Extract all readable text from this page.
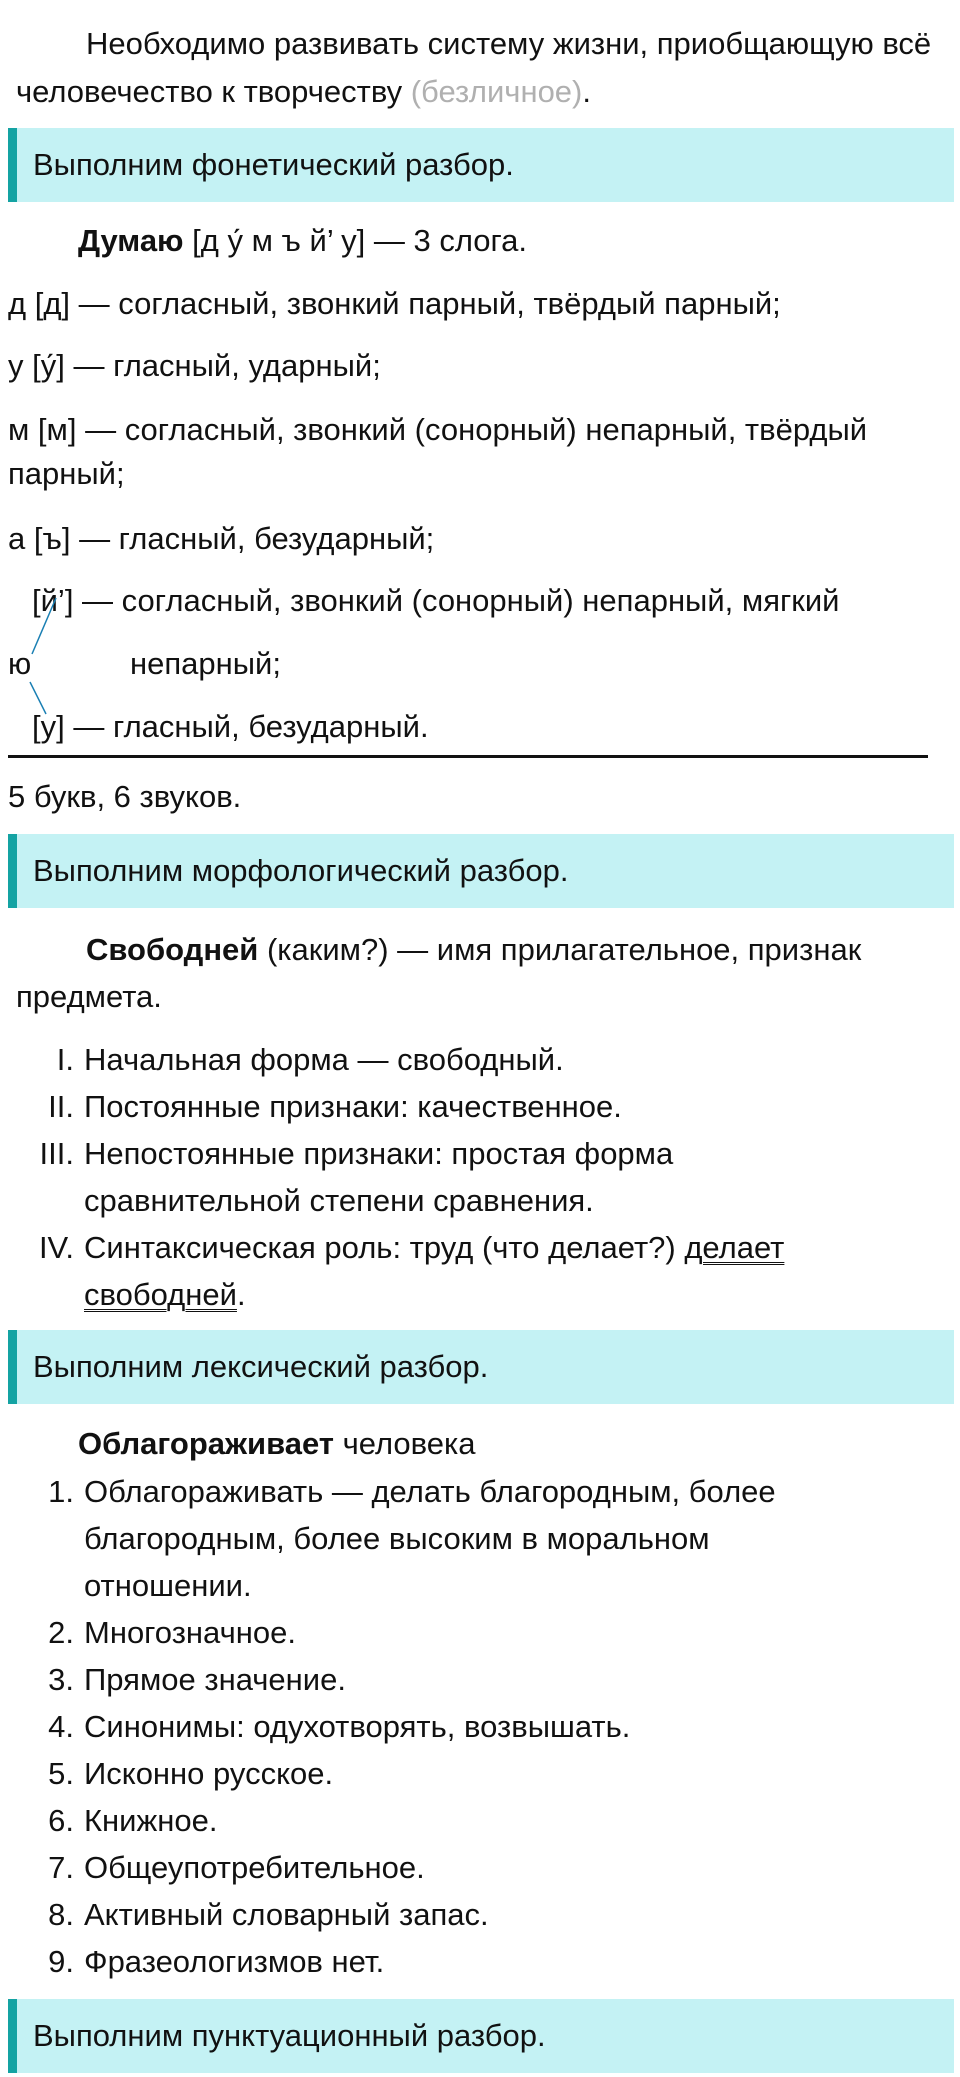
Необходимо развивать систему жизни, приобщающую всё человечество к творчеству (безличное).

Выполним фонетический разбор.
Думаю [д у́ м ъ й’ у] — 3 слога.
д [д] — согласный, звонкий парный, твёрдый парный;
у [у́] — гласный, ударный;
м [м] — согласный, звонкий (сонорный) непарный, твёрдый парный;
а [ъ] — гласный, безударный;
[й’] — согласный, звонкий (сонорный) непарный, мягкий
ю	непарный;
[у] — гласный, безударный.
5 букв, 6 звуков.
Выполним морфологический разбор.

Свободней (каким?) — имя прилагательное, признак предмета.

I. Начальная форма — свободный.
II. Постоянные признаки: качественное.
III. Непостоянные признаки: простая форма сравнительной степени сравнения.
IV. Синтаксическая роль: труд (что делает?) делает свободней.
Выполним лексический разбор.
Облагораживает человека
1. Облагораживать — делать благородным, более благородным, более высоким в моральном отношении.
2. Многозначное.
3. Прямое значение.
4. Синонимы: одухотворять, возвышать.
5. Исконно русское.
6. Книжное.
7. Общеупотребительное.
8. Активный словарный запас.
9. Фразеологизмов нет.
Выполним пунктуационный разбор.
